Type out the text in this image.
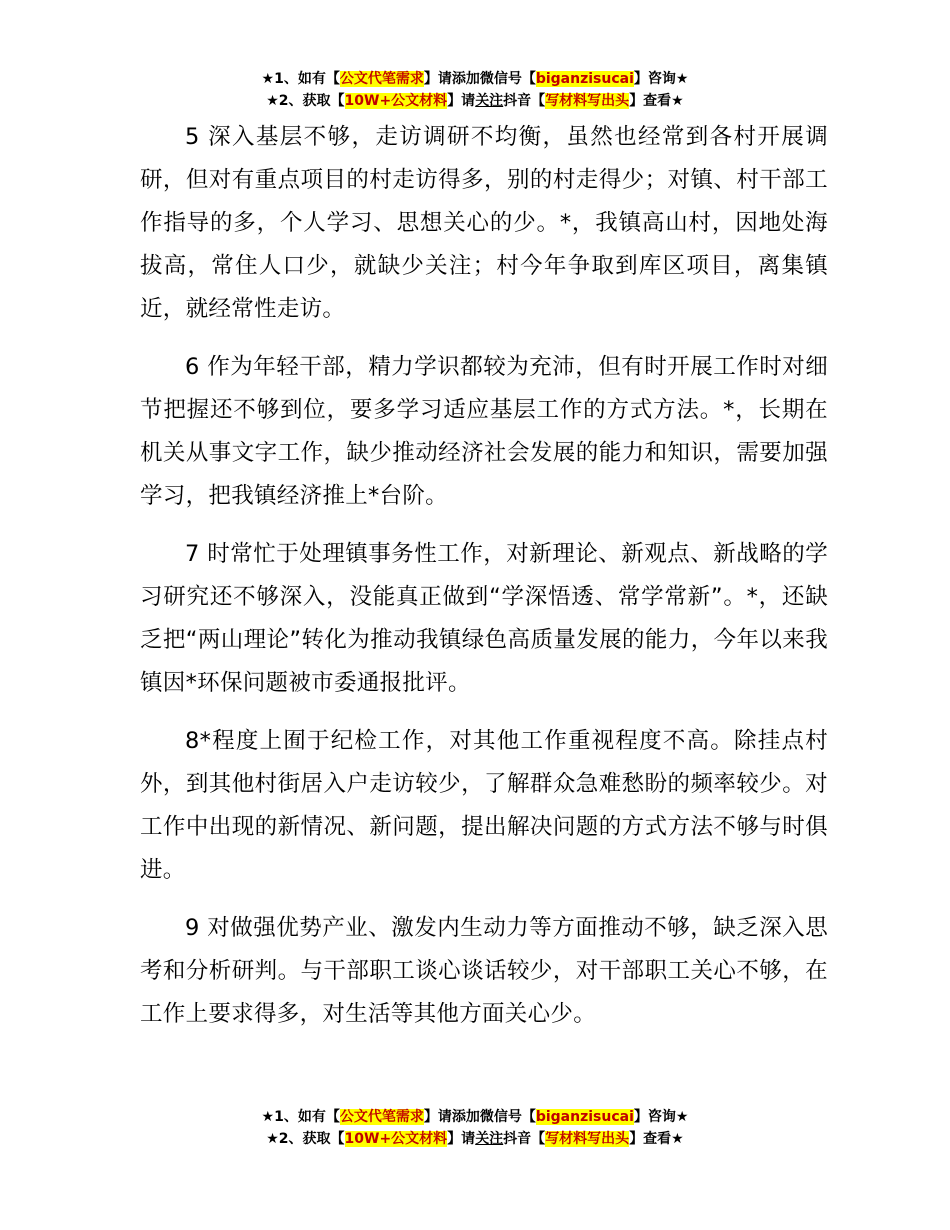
★1、如有【公文代笔需求】请添加微信号【biganzisucai】咨询★
★2、获取【10W+公文材料】请关注抖音【写材料写出头】查看★

5 深入基层不够，走访调研不均衡，虽然也经常到各村开展调研，但对有重点项目的村走访得多，别的村走得少；对镇、村干部工作指导的多，个人学习、思想关心的少。*，我镇高山村，因地处海拔高，常住人口少，就缺少关注；村今年争取到库区项目，离集镇近，就经常性走访。

6 作为年轻干部，精力学识都较为充沛，但有时开展工作时对细节把握还不够到位，要多学习适应基层工作的方式方法。*，长期在机关从事文字工作，缺少推动经济社会发展的能力和知识，需要加强学习，把我镇经济推上*台阶。

7 时常忙于处理镇事务性工作，对新理论、新观点、新战略的学习研究还不够深入，没能真正做到“学深悟透、常学常新”。*，还缺乏把“两山理论”转化为推动我镇绿色高质量发展的能力，今年以来我镇因*环保问题被市委通报批评。

8*程度上囿于纪检工作，对其他工作重视程度不高。除挂点村外，到其他村街居入户走访较少，了解群众急难愁盼的频率较少。对工作中出现的新情况、新问题，提出解决问题的方式方法不够与时俱进。

9 对做强优势产业、激发内生动力等方面推动不够，缺乏深入思考和分析研判。与干部职工谈心谈话较少，对干部职工关心不够，在工作上要求得多，对生活等其他方面关心少。

★1、如有【公文代笔需求】请添加微信号【biganzisucai】咨询★
★2、获取【10W+公文材料】请关注抖音【写材料写出头】查看★
